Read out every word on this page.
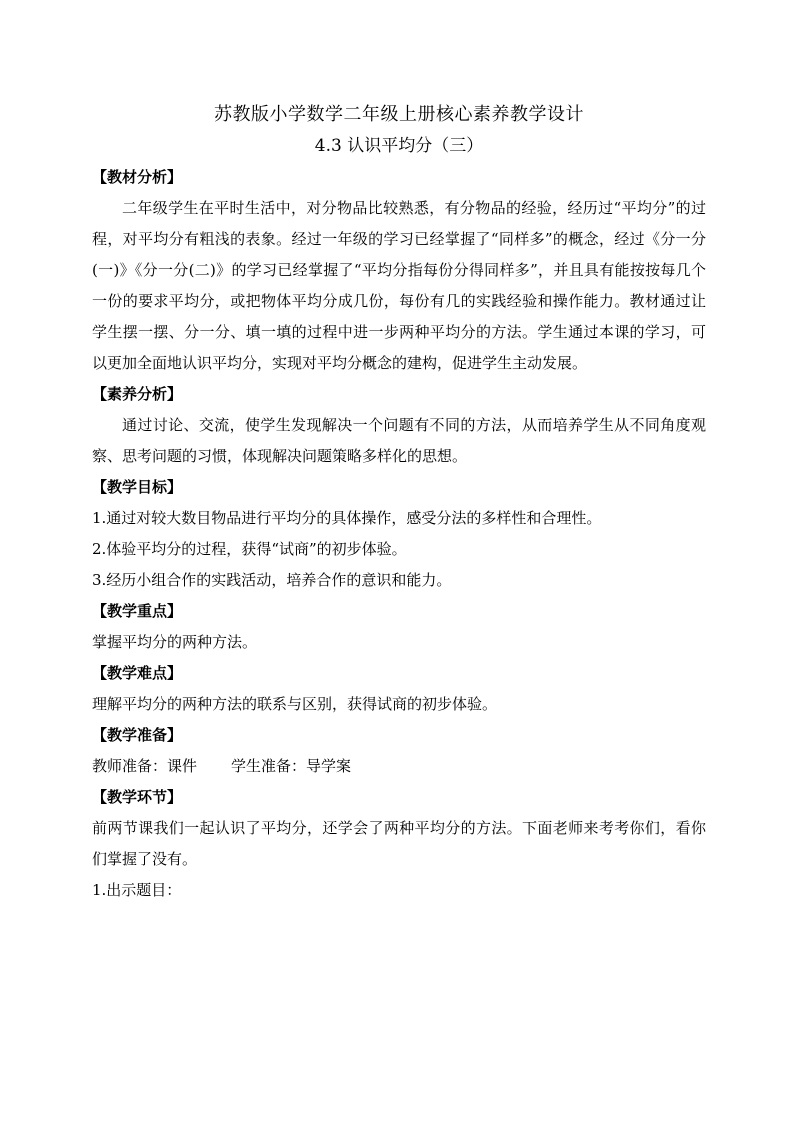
苏教版小学数学二年级上册核心素养教学设计
4.3 认识平均分（三）

【教材分析】

二年级学生在平时生活中，对分物品比较熟悉，有分物品的经验，经历过“平均分”的过程，对平均分有粗浅的表象。经过一年级的学习已经掌握了“同样多”的概念，经过《分一分(一)》《分一分(二)》的学习已经掌握了“平均分指每份分得同样多”，并且具有能按按每几个一份的要求平均分，或把物体平均分成几份，每份有几的实践经验和操作能力。教材通过让学生摆一摆、分一分、填一填的过程中进一步两种平均分的方法。学生通过本课的学习，可以更加全面地认识平均分，实现对平均分概念的建构，促进学生主动发展。

【素养分析】

通过讨论、交流，使学生发现解决一个问题有不同的方法，从而培养学生从不同角度观察、思考问题的习惯，体现解决问题策略多样化的思想。

【教学目标】

1.通过对较大数目物品进行平均分的具体操作，感受分法的多样性和合理性。

2.体验平均分的过程，获得“试商”的初步体验。

3.经历小组合作的实践活动，培养合作的意识和能力。

【教学重点】

掌握平均分的两种方法。

【教学难点】

理解平均分的两种方法的联系与区别，获得试商的初步体验。

【教学准备】

教师准备：课件 学生准备：导学案

【教学环节】

前两节课我们一起认识了平均分，还学会了两种平均分的方法。下面老师来考考你们，看你们掌握了没有。

1.出示题目：
